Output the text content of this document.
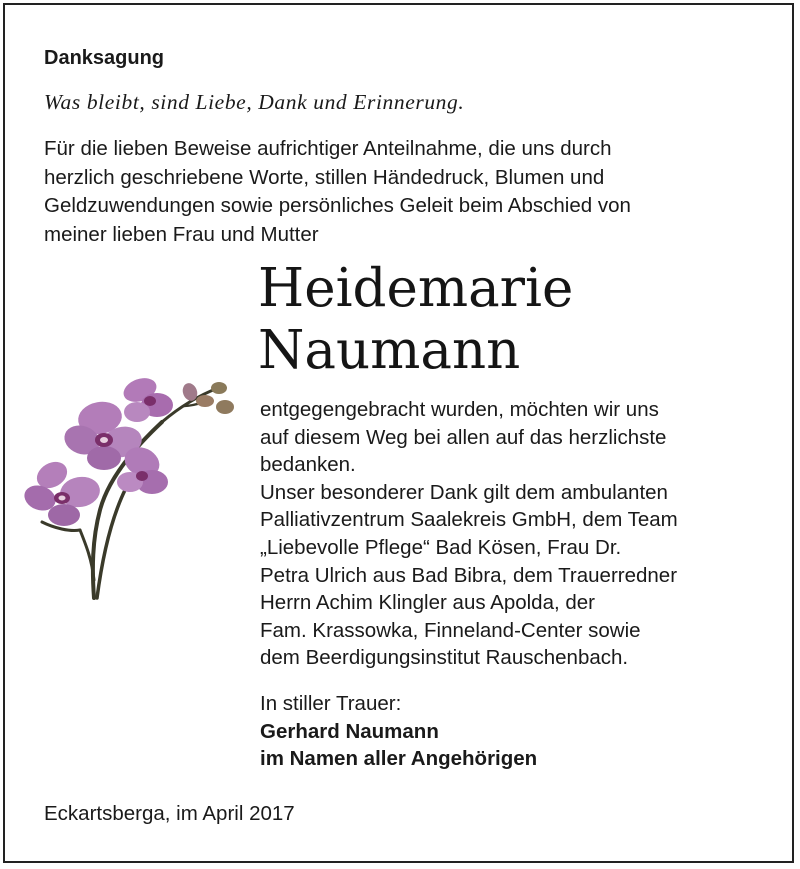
Danksagung
Was bleibt, sind Liebe, Dank und Erinnerung.
Für die lieben Beweise aufrichtiger Anteilnahme, die uns durch
herzlich geschriebene Worte, stillen Händedruck, Blumen und
Geldzuwendungen sowie persönliches Geleit beim Abschied von
meiner lieben Frau und Mutter
Heidemarie
Naumann
entgegengebracht wurden, möchten wir uns
auf diesem Weg bei allen auf das herzlichste
bedanken.
Unser besonderer Dank gilt dem ambulanten
Palliativzentrum Saalekreis GmbH, dem Team
„Liebevolle Pflege“ Bad Kösen, Frau Dr.
Petra Ulrich aus Bad Bibra, dem Trauerredner
Herrn Achim Klingler aus Apolda, der
Fam. Krassowka, Finneland-Center sowie
dem Beerdigungsinstitut Rauschenbach.
In stiller Trauer:
Gerhard Naumann
im Namen aller Angehörigen
Eckartsberga, im April 2017
